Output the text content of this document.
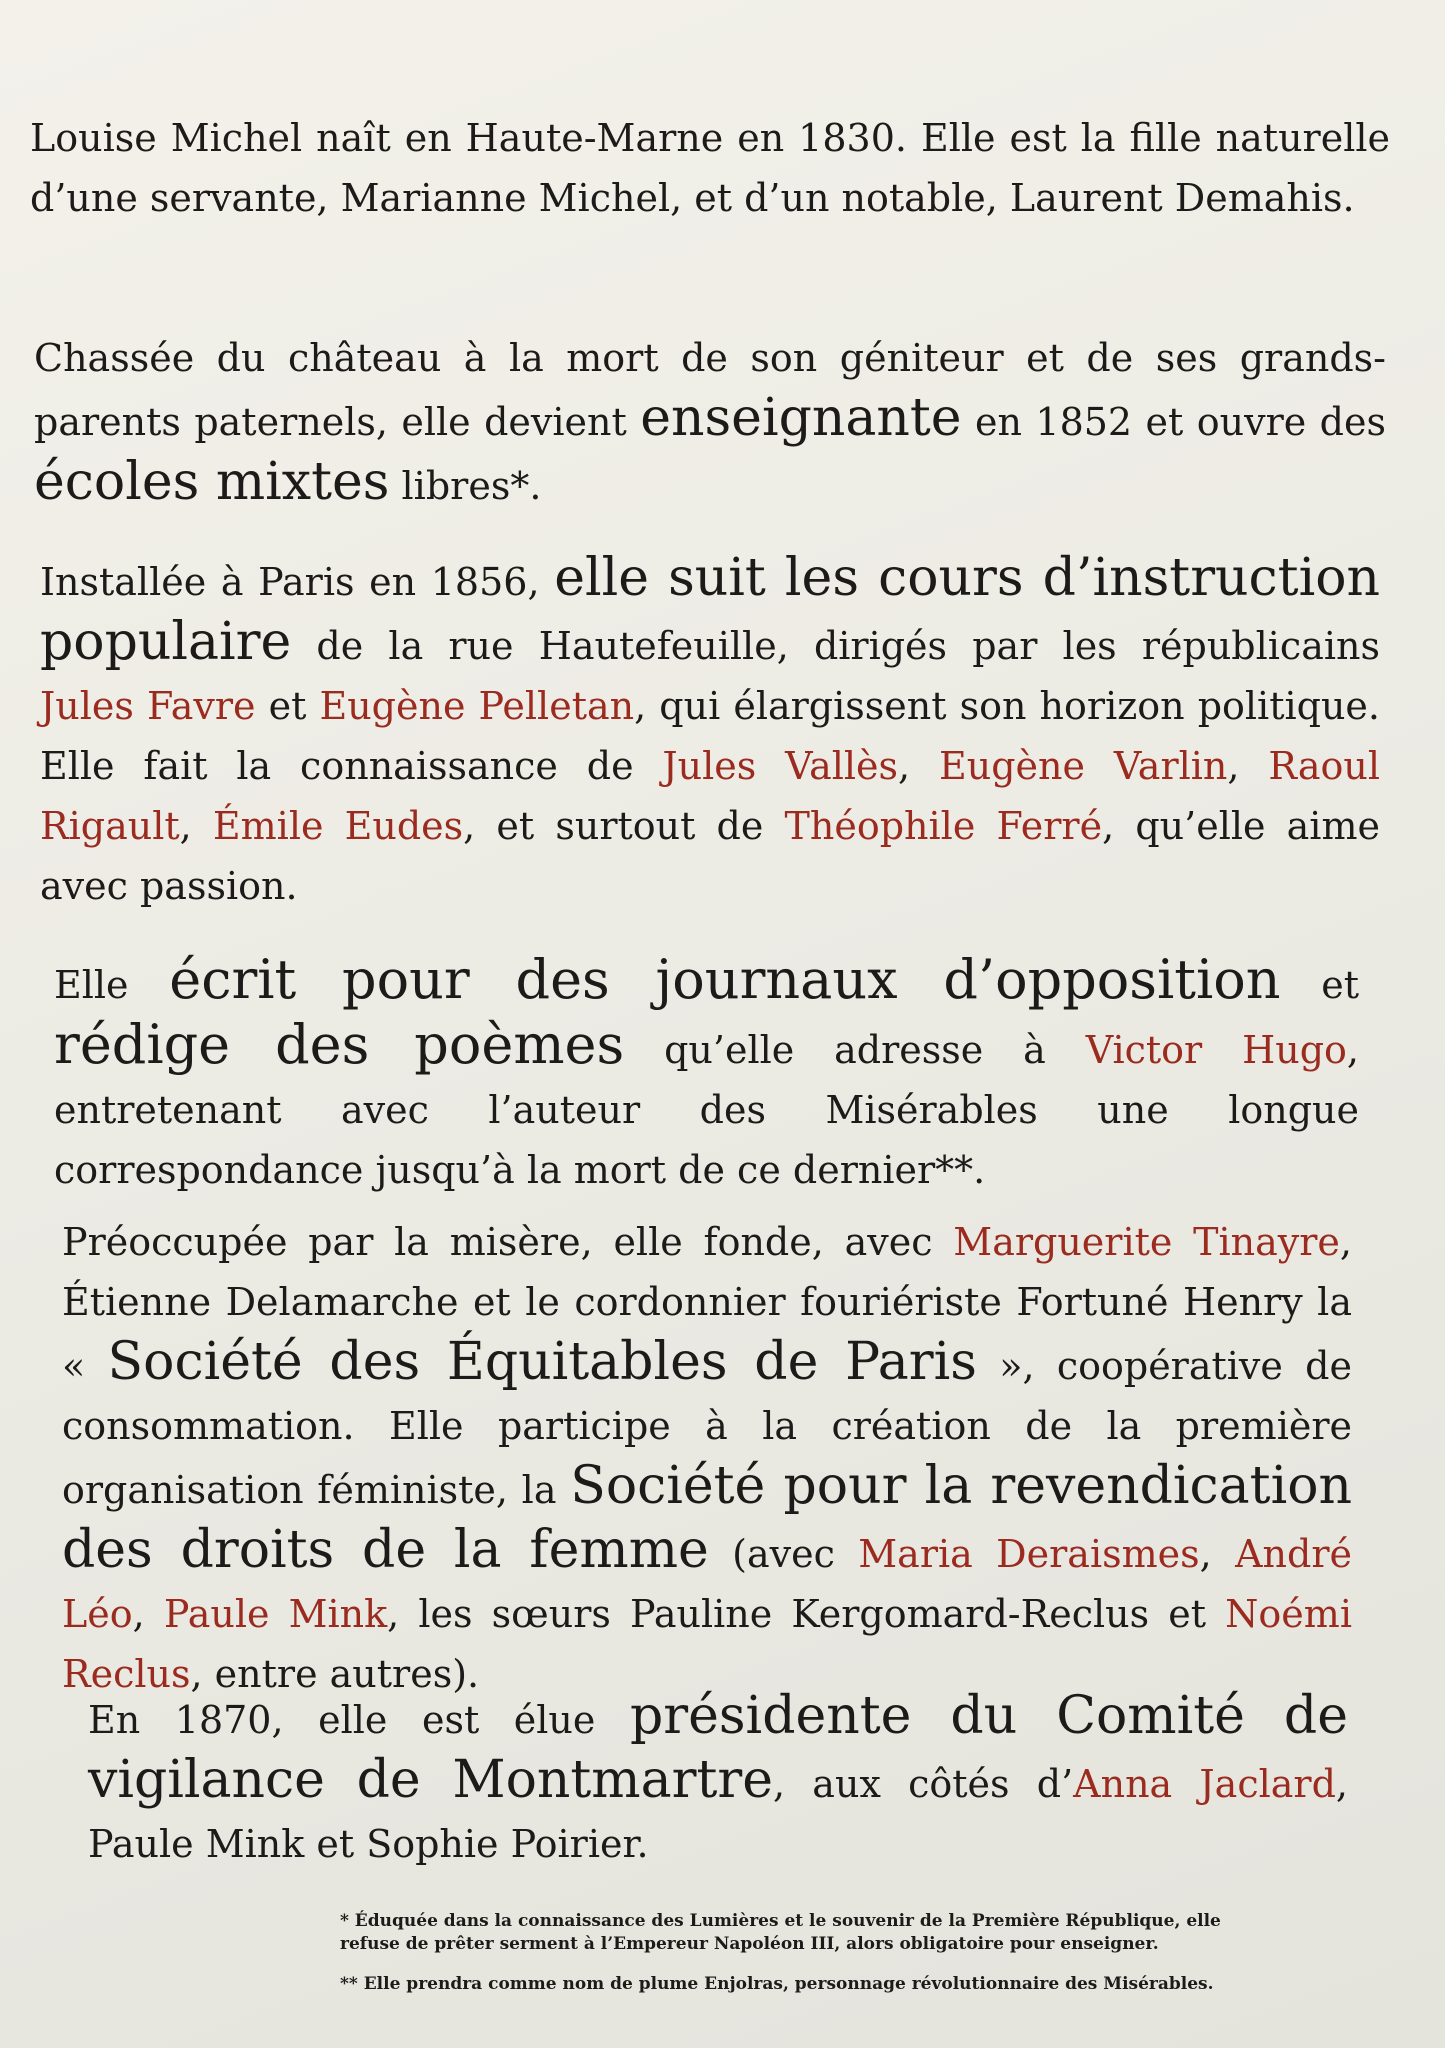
Louise Michel naît en Haute-Marne en 1830. Elle est la fille naturelle d’une servante, Marianne Michel, et d’un notable, Laurent Demahis.

Chassée du château à la mort de son géniteur et de ses grands-parents paternels, elle devient enseignante en 1852 et ouvre des écoles mixtes libres*.

Installée à Paris en 1856, elle suit les cours d’instruction populaire de la rue Hautefeuille, dirigés par les républicains Jules Favre et Eugène Pelletan, qui élargissent son horizon politique. Elle fait la connaissance de Jules Vallès, Eugène Varlin, Raoul Rigault, Émile Eudes, et surtout de Théophile Ferré, qu’elle aime avec passion.

Elle écrit pour des journaux d’opposition et rédige des poèmes qu’elle adresse à Victor Hugo, entretenant avec l’auteur des Misérables une longue correspondance jusqu’à la mort de ce dernier**.

Préoccupée par la misère, elle fonde, avec Marguerite Tinayre, Étienne Delamarche et le cordonnier fouriériste Fortuné Henry la « Société des Équitables de Paris », coopérative de consommation. Elle participe à la création de la première organisation féministe, la Société pour la revendication des droits de la femme (avec Maria Deraismes, André Léo, Paule Mink, les sœurs Pauline Kergomard-Reclus et Noémi Reclus, entre autres).

En 1870, elle est élue présidente du Comité de vigilance de Montmartre, aux côtés d’Anna Jaclard, Paule Mink et Sophie Poirier.

* Éduquée dans la connaissance des Lumières et le souvenir de la Première République, elle refuse de prêter serment à l’Empereur Napoléon III, alors obligatoire pour enseigner.

** Elle prendra comme nom de plume Enjolras, personnage révolutionnaire des Misérables.
